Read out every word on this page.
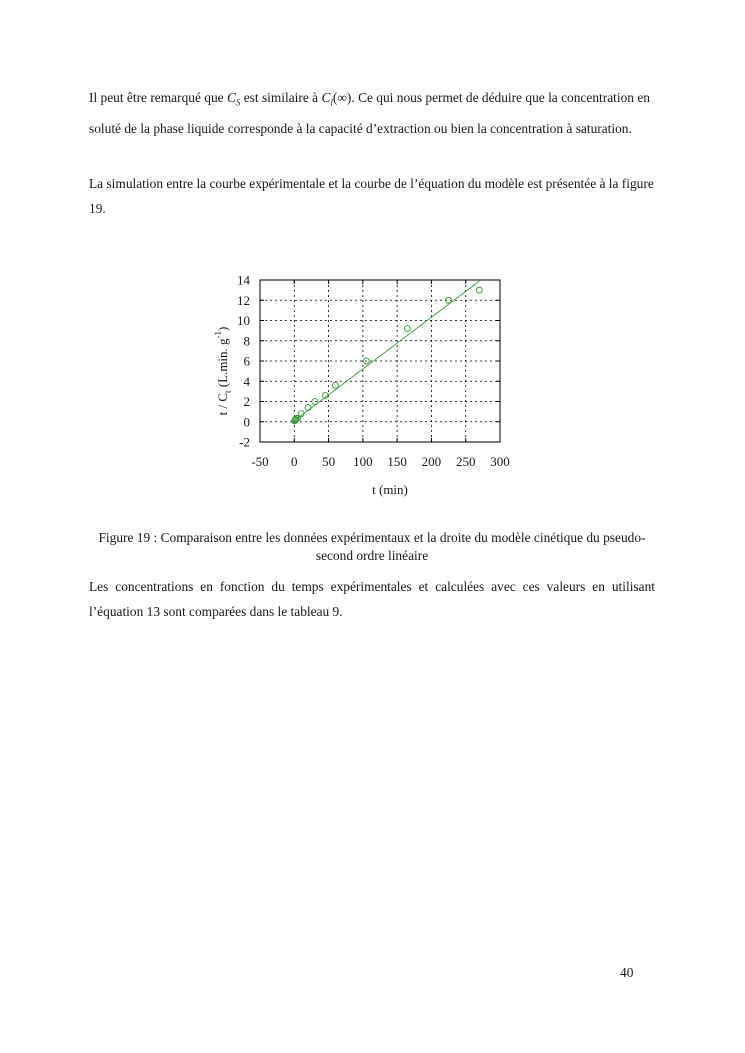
Il peut être remarqué que $C_S$ est similaire à $C_l(\infty)$. Ce qui nous permet de déduire que la concentration en soluté de la phase liquide corresponde à la capacité d’extraction ou bien la concentration à saturation.

La simulation entre la courbe expérimentale et la courbe de l’équation du modèle est présentée à la figure 19.

-50 0 50 100 150 200 250 300
-2
0
2
4
6
8
10
12
14
t (min)
t / $C_t$ (L.min. $g^{-1}$)

Figure 19 : Comparaison entre les données expérimentaux et la droite du modèle cinétique du pseudo-second ordre linéaire

Les concentrations en fonction du temps expérimentales et calculées avec ces valeurs en utilisant l’équation 13 sont comparées dans le tableau 9.

40
